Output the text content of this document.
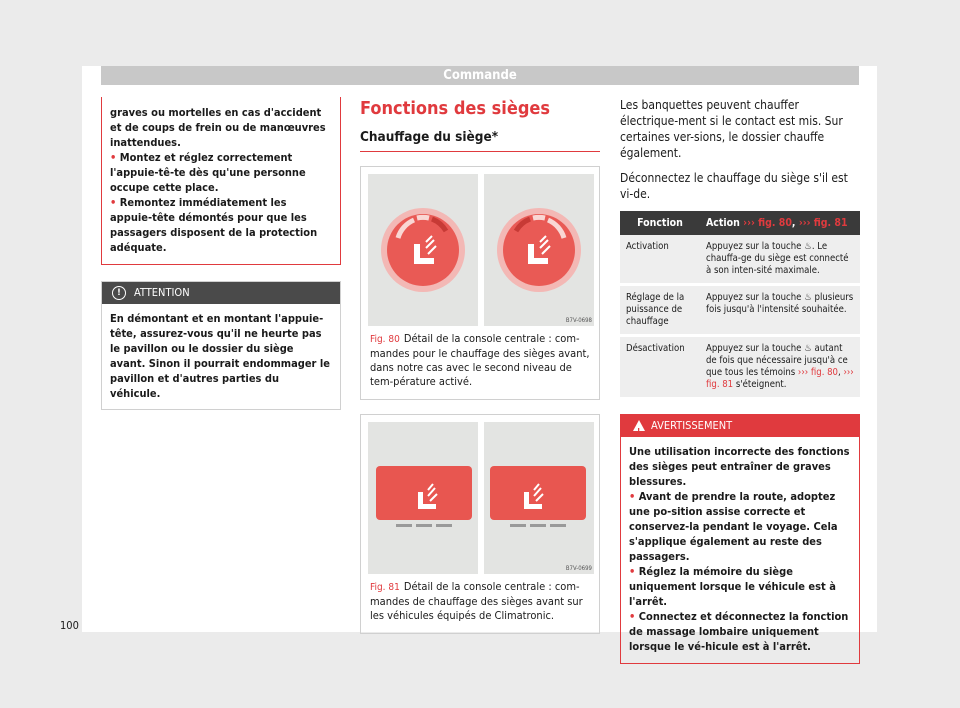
Commande

graves ou mortelles en cas d'accident et de coups de frein ou de manœuvres inattendues.

• Montez et réglez correctement l'appuie-tê-te dès qu'une personne occupe cette place.

• Remontez immédiatement les appuie-tête démontés pour que les passagers disposent de la protection adéquate.

!	ATTENTION
En démontant et en montant l'appuie-tête, assurez-vous qu'il ne heurte pas le pavillon ou le dossier du siège avant. Sinon il pourrait endommager le pavillon et d'autres parties du véhicule.
Fonctions des sièges
Chauffage du siège*
B7V-0698
Fig. 80 Détail de la console centrale : com-mandes pour le chauffage des sièges avant, dans notre cas avec le second niveau de tem-pérature activé.
B7V-0699
Fig. 81 Détail de la console centrale : com-mandes de chauffage des sièges avant sur les véhicules équipés de Climatronic.

Les banquettes peuvent chauffer électrique-ment si le contact est mis. Sur certaines ver-sions, le dossier chauffe également.

Déconnectez le chauffage du siège s'il est vi-de.

Fonction	Action ››› fig. 80, ››› fig. 81
Activation	Appuyez sur la touche ♨. Le chauffa-ge du siège est connecté à son inten-sité maximale.
Réglage de la puissance de chauffage	Appuyez sur la touche ♨ plusieurs fois jusqu'à l'intensité souhaitée.
Désactivation	Appuyez sur la touche ♨ autant de fois que nécessaire jusqu'à ce que tous les témoins ››› fig. 80, ››› fig. 81 s'éteignent.
!
AVERTISSEMENT

Une utilisation incorrecte des fonctions des sièges peut entraîner de graves blessures.

• Avant de prendre la route, adoptez une po-sition assise correcte et conservez-la pendant le voyage. Cela s'applique également au reste des passagers.

• Réglez la mémoire du siège uniquement lorsque le véhicule est à l'arrêt.

• Connectez et déconnectez la fonction de massage lombaire uniquement lorsque le vé-hicule est à l'arrêt.

100
